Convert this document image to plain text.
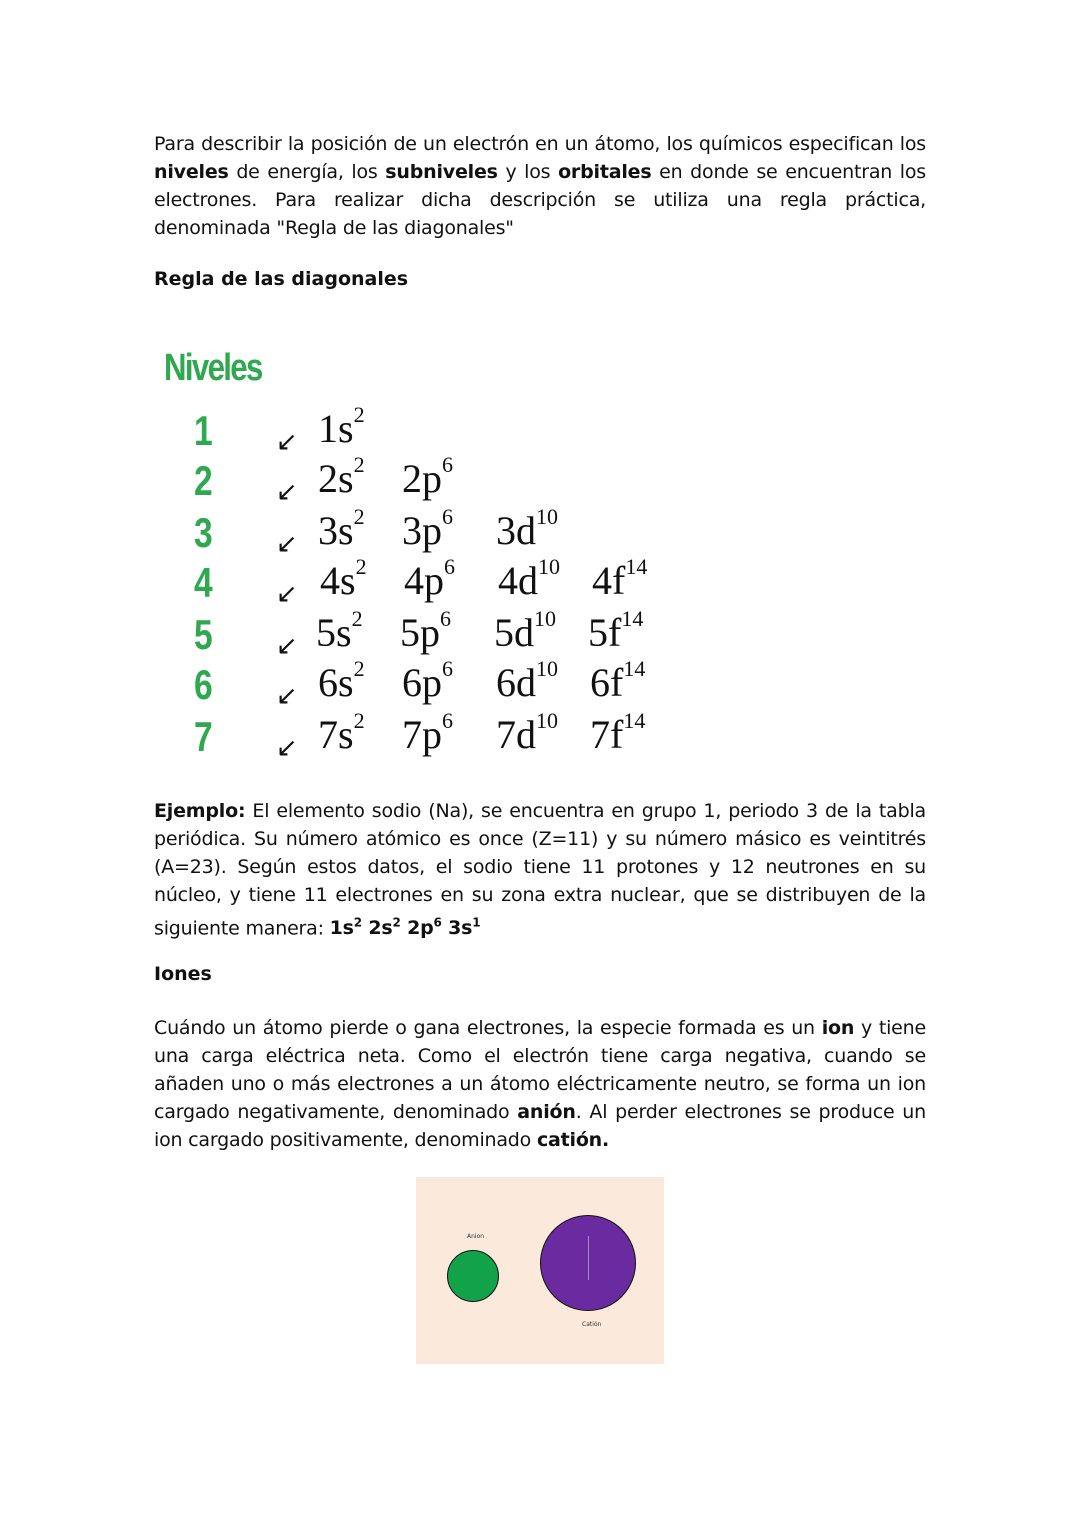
Para describir la posición de un electrón en un átomo, los químicos especifican los niveles de energía, los subniveles y los orbitales en donde se encuentran los electrones. Para realizar dicha descripción se utiliza una regla práctica, denominada "Regla de las diagonales"
Regla de las diagonales
Niveles
1
2
3
4
5
6
7
$1s^2$
↙
$2s^2$ $2p^6$
↙
$3s^2$ $3p^6$ $3d^{10}$
↙
$4s^2$ $4p^6$ $4d^{10}$ $4f^{14}$
↙
$5s^2$ $5p^6$ $5d^{10}$ $5f^{14}$
↙
$6s^2$ $6p^6$ $6d^{10}$ $6f^{14}$
↙
$7s^2$ $7p^6$ $7d^{10}$ $7f^{14}$
↙
Ejemplo: El elemento sodio (Na), se encuentra en grupo 1, periodo 3 de la tabla periódica. Su número atómico es once (Z=11) y su número másico es veintitrés (A=23). Según estos datos, el sodio tiene 11 protones y 12 neutrones en su núcleo, y tiene 11 electrones en su zona extra nuclear, que se distribuyen de la siguiente manera: $1s^2$ $2s^2$ $2p^6$ $3s^1$
Iones
Cuándo un átomo pierde o gana electrones, la especie formada es un ion y tiene una carga eléctrica neta. Como el electrón tiene carga negativa, cuando se añaden uno o más electrones a un átomo eléctricamente neutro, se forma un ion cargado negativamente, denominado anión. Al perder electrones se produce un ion cargado positivamente, denominado catión.
Anion
Catión
